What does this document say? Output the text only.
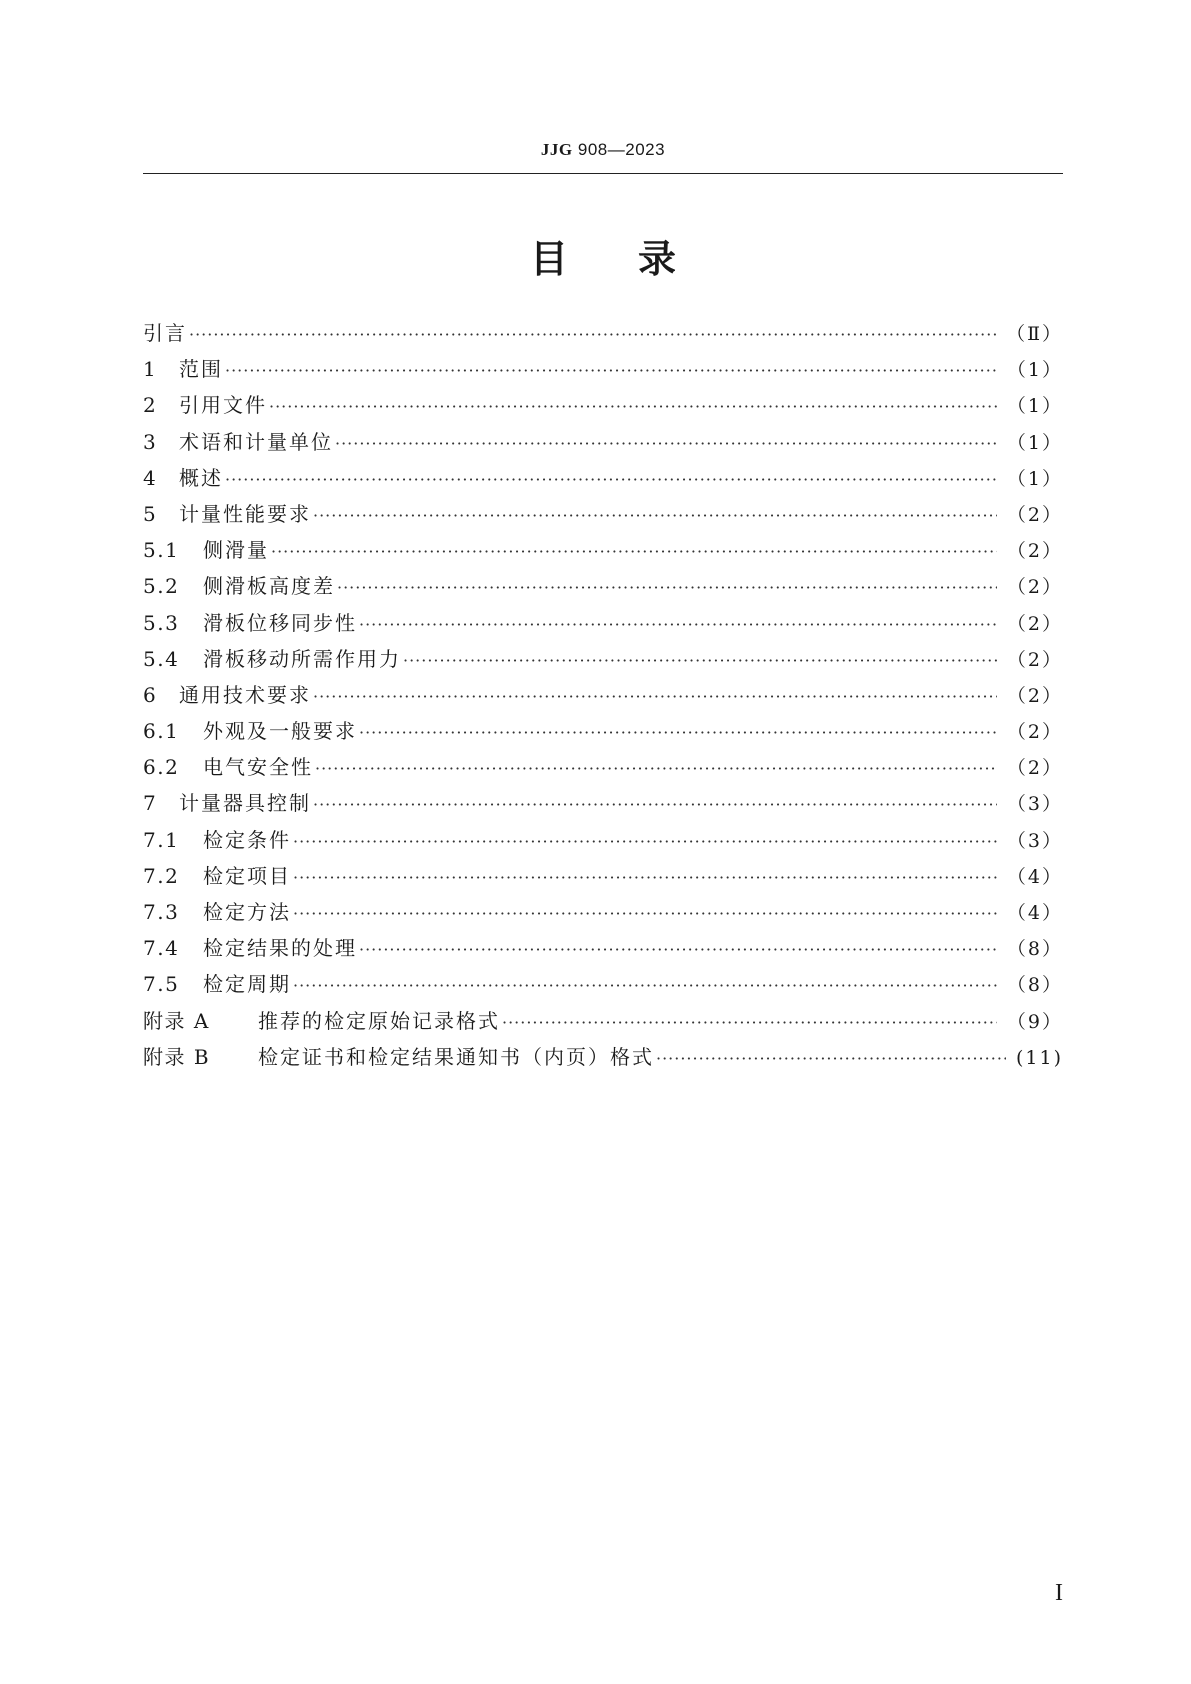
JJG 908—2023
目录
引言 ·····	（Ⅱ）
1	范围 ·····	（1）
2	引用文件 ·····	（1）
3	术语和计量单位 ·····	（1）
4	概述 ·····	（1）
5	计量性能要求 ·····	（2）
5.1	侧滑量 ·····	（2）
5.2	侧滑板高度差 ·····	（2）
5.3	滑板位移同步性 ·····	（2）
5.4	滑板移动所需作用力 ·····	（2）
6	通用技术要求 ·····	（2）
6.1	外观及一般要求 ·····	（2）
6.2	电气安全性 ·····	（2）
7	计量器具控制 ·····	（3）
7.1	检定条件 ·····	（3）
7.2	检定项目 ·····	（4）
7.3	检定方法 ·····	（4）
7.4	检定结果的处理 ·····	（8）
7.5	检定周期 ·····	（8）
附录 A	推荐的检定原始记录格式 ·····	（9）
附录 B	检定证书和检定结果通知书（内页）格式 ·····	(11)
I
